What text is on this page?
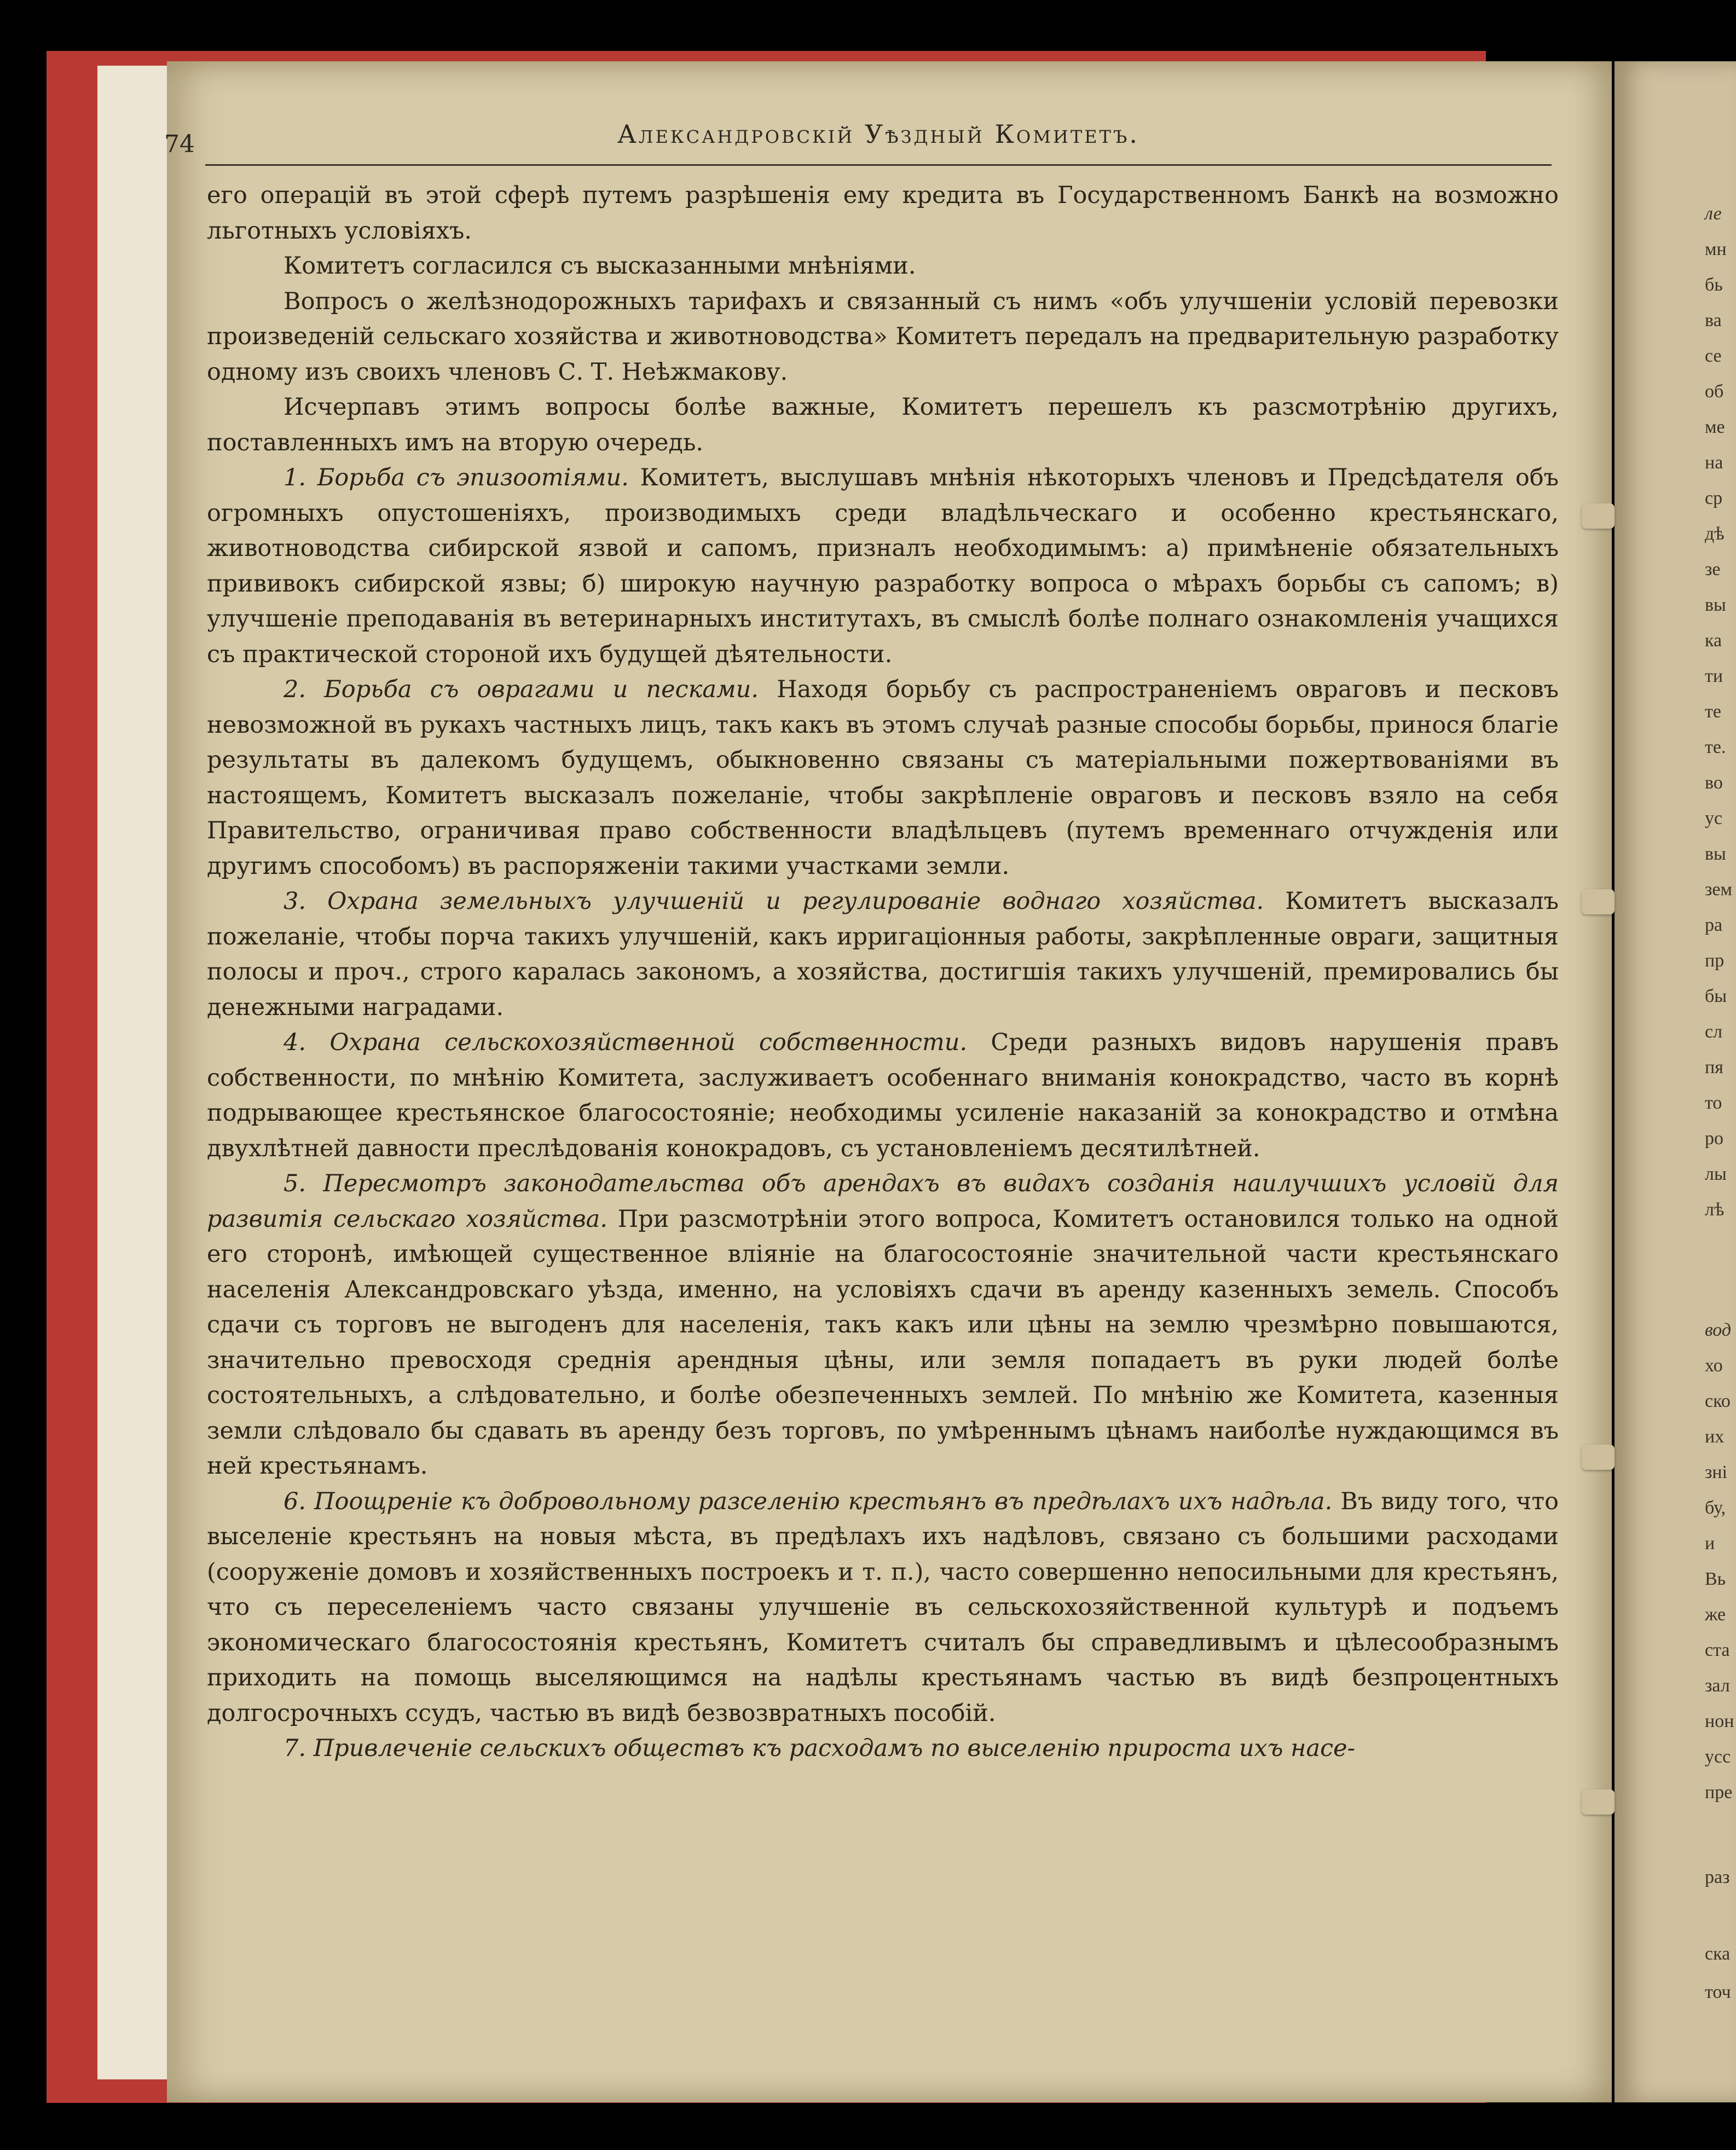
ле
мн
бь
ва
се
об
ме
на
ср
дѣ
зе
вы
ка
ти
те
те.
во
ус
вы
зем
ра
пр
бы
сл
пя
то
ро
лы
лѣ
вод
хо
ско
их
зні
бу,
и
Вь
же
ста
зал
нон
усс
пре
раз
ска
точ
74	Александровскій Уѣздный Комитетъ.

его операцій въ этой сферѣ путемъ разрѣшенія ему кредита въ Государственномъ Банкѣ на возможно льготныхъ условіяхъ.

Комитетъ согласился съ высказанными мнѣніями.

Вопросъ о желѣзнодорожныхъ тарифахъ и связанный съ нимъ «объ улучшеніи условій перевозки произведеній сельскаго хозяйства и животноводства» Комитетъ передалъ на предварительную разработку одному изъ своихъ членовъ С. Т. Неѣжмакову.

Исчерпавъ этимъ вопросы болѣе важные, Комитетъ перешелъ къ разсмотрѣнію другихъ, поставленныхъ имъ на вторую очередь.

1. Борьба съ эпизоотіями. Комитетъ, выслушавъ мнѣнія нѣкоторыхъ членовъ и Предсѣдателя объ огромныхъ опустошеніяхъ, производимыхъ среди владѣльческаго и особенно крестьянскаго, животноводства сибирской язвой и сапомъ, призналъ необходимымъ: а) примѣненіе обязательныхъ прививокъ сибирской язвы; б) широкую научную разработку вопроса о мѣрахъ борьбы съ сапомъ; в) улучшеніе преподаванія въ ветеринарныхъ институтахъ, въ смыслѣ болѣе полнаго ознакомленія учащихся съ практической стороной ихъ будущей дѣятельности.

2. Борьба съ оврагами и песками. Находя борьбу съ распространеніемъ овраговъ и песковъ невозможной въ рукахъ частныхъ лицъ, такъ какъ въ этомъ случаѣ разные способы борьбы, принося благіе результаты въ далекомъ будущемъ, обыкновенно связаны съ матеріальными пожертвованіями въ настоящемъ, Комитетъ высказалъ пожеланіе, чтобы закрѣпленіе овраговъ и песковъ взяло на себя Правительство, ограничивая право собственности владѣльцевъ (путемъ временнаго отчужденія или другимъ способомъ) въ распоряженіи такими участками земли.

3. Охрана земельныхъ улучшеній и регулированіе воднаго хозяйства. Комитетъ высказалъ пожеланіе, чтобы порча такихъ улучшеній, какъ ирригаціонныя работы, закрѣпленные овраги, защитныя полосы и проч., строго каралась закономъ, а хозяйства, достигшія такихъ улучшеній, премировались бы денежными наградами.

4. Охрана сельскохозяйственной собственности. Среди разныхъ видовъ нарушенія правъ собственности, по мнѣнію Комитета, заслуживаетъ особеннаго вниманія конокрадство, часто въ корнѣ подрывающее крестьянское благосостояніе; необходимы усиленіе наказаній за конокрадство и отмѣна двухлѣтней давности преслѣдованія конокрадовъ, съ установленіемъ десятилѣтней.

5. Пересмотръ законодательства объ арендахъ въ видахъ созданія наилучшихъ условій для развитія сельскаго хозяйства. При разсмотрѣніи этого вопроса, Комитетъ остановился только на одной его сторонѣ, имѣющей существенное вліяніе на благосостояніе значительной части крестьянскаго населенія Александровскаго уѣзда, именно, на условіяхъ сдачи въ аренду казенныхъ земель. Способъ сдачи съ торговъ не выгоденъ для населенія, такъ какъ или цѣны на землю чрезмѣрно повышаются, значительно превосходя среднія арендныя цѣны, или земля попадаетъ въ руки людей болѣе состоятельныхъ, а слѣдовательно, и болѣе обезпеченныхъ землей. По мнѣнію же Комитета, казенныя земли слѣдовало бы сдавать въ аренду безъ торговъ, по умѣреннымъ цѣнамъ наиболѣе нуждающимся въ ней крестьянамъ.

6. Поощреніе къ добровольному разселенію крестьянъ въ предѣлахъ ихъ надѣла. Въ виду того, что выселеніе крестьянъ на новыя мѣста, въ предѣлахъ ихъ надѣловъ, связано съ большими расходами (сооруженіе домовъ и хозяйственныхъ построекъ и т. п.), часто совершенно непосильными для крестьянъ, что съ переселеніемъ часто связаны улучшеніе въ сельскохозяйственной культурѣ и подъемъ экономическаго благосостоянія крестьянъ, Комитетъ считалъ бы справедливымъ и цѣлесообразнымъ приходить на помощь выселяющимся на надѣлы крестьянамъ частью въ видѣ безпроцентныхъ долгосрочныхъ ссудъ, частью въ видѣ безвозвратныхъ пособій.

7. Привлеченіе сельскихъ обществъ къ расходамъ по выселенію прироста ихъ насе-
